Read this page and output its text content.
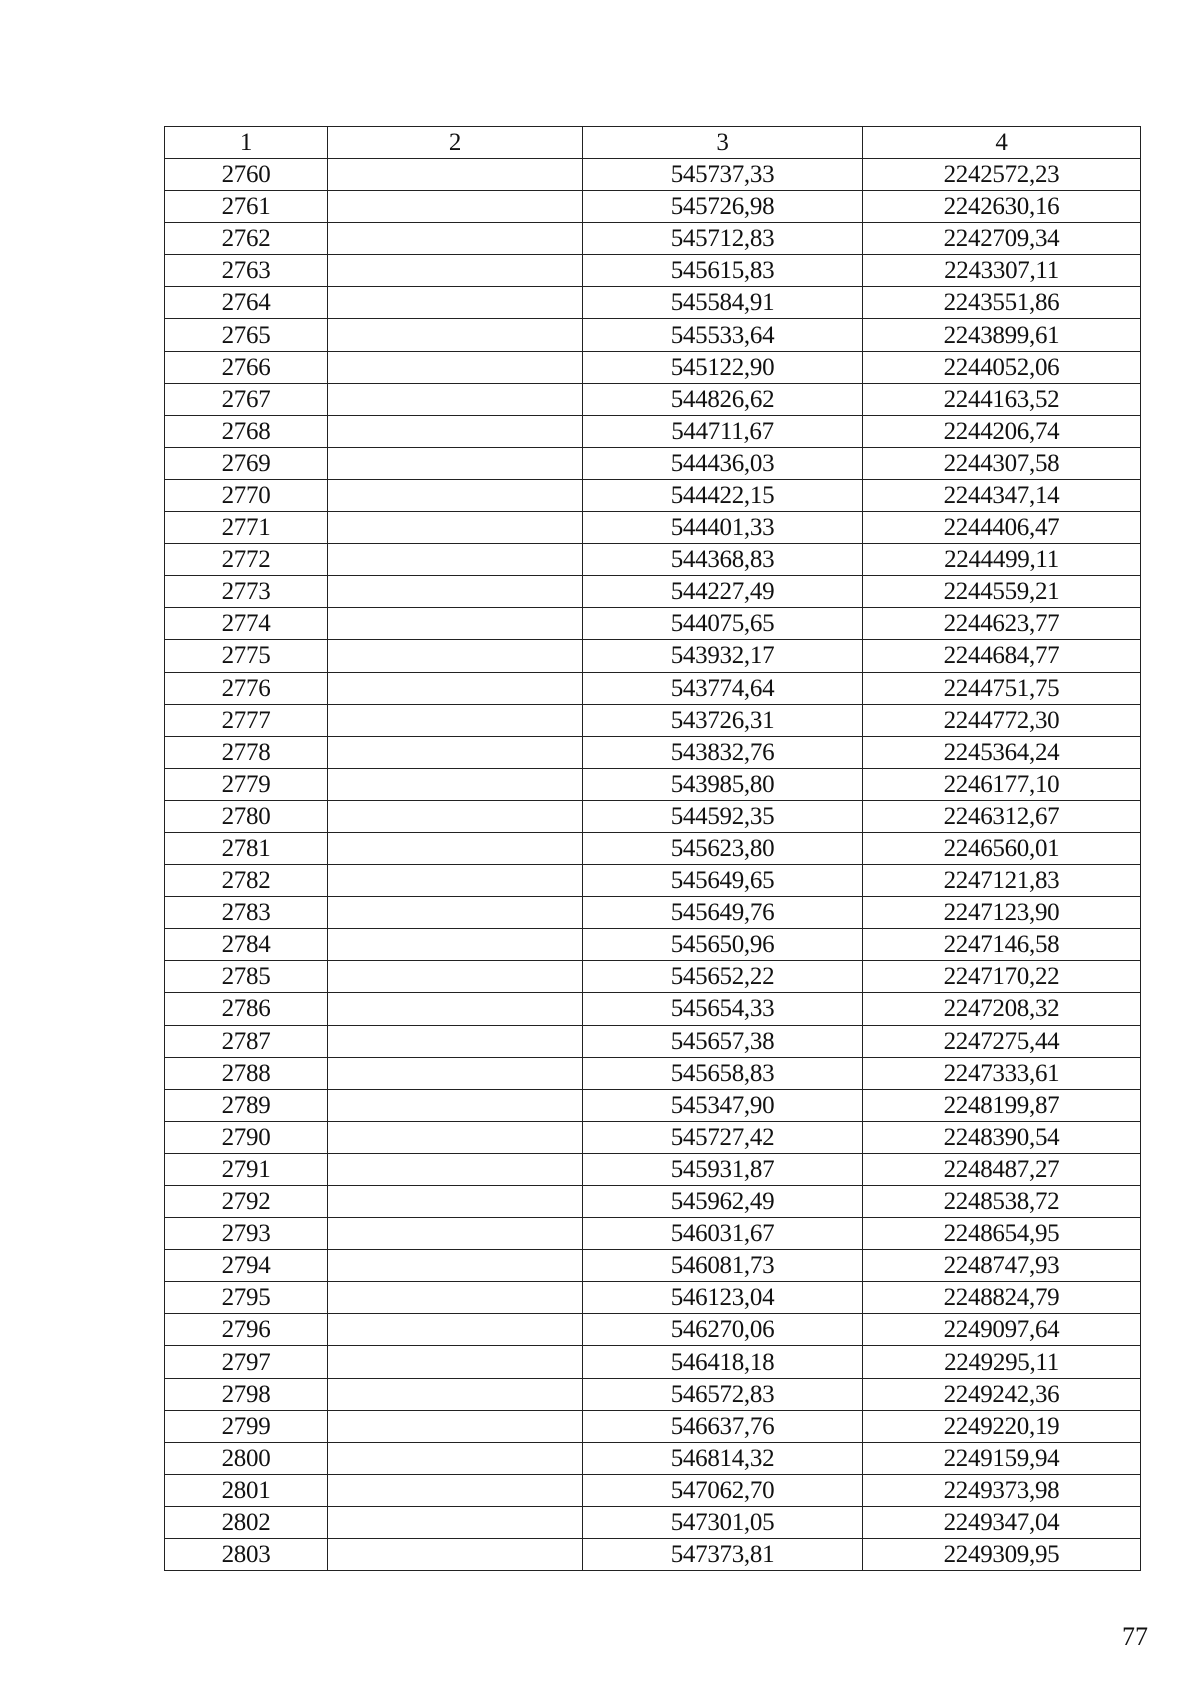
1	2	3	4
2760		545737,33	2242572,23
2761		545726,98	2242630,16
2762		545712,83	2242709,34
2763		545615,83	2243307,11
2764		545584,91	2243551,86
2765		545533,64	2243899,61
2766		545122,90	2244052,06
2767		544826,62	2244163,52
2768		544711,67	2244206,74
2769		544436,03	2244307,58
2770		544422,15	2244347,14
2771		544401,33	2244406,47
2772		544368,83	2244499,11
2773		544227,49	2244559,21
2774		544075,65	2244623,77
2775		543932,17	2244684,77
2776		543774,64	2244751,75
2777		543726,31	2244772,30
2778		543832,76	2245364,24
2779		543985,80	2246177,10
2780		544592,35	2246312,67
2781		545623,80	2246560,01
2782		545649,65	2247121,83
2783		545649,76	2247123,90
2784		545650,96	2247146,58
2785		545652,22	2247170,22
2786		545654,33	2247208,32
2787		545657,38	2247275,44
2788		545658,83	2247333,61
2789		545347,90	2248199,87
2790		545727,42	2248390,54
2791		545931,87	2248487,27
2792		545962,49	2248538,72
2793		546031,67	2248654,95
2794		546081,73	2248747,93
2795		546123,04	2248824,79
2796		546270,06	2249097,64
2797		546418,18	2249295,11
2798		546572,83	2249242,36
2799		546637,76	2249220,19
2800		546814,32	2249159,94
2801		547062,70	2249373,98
2802		547301,05	2249347,04
2803		547373,81	2249309,95
77
